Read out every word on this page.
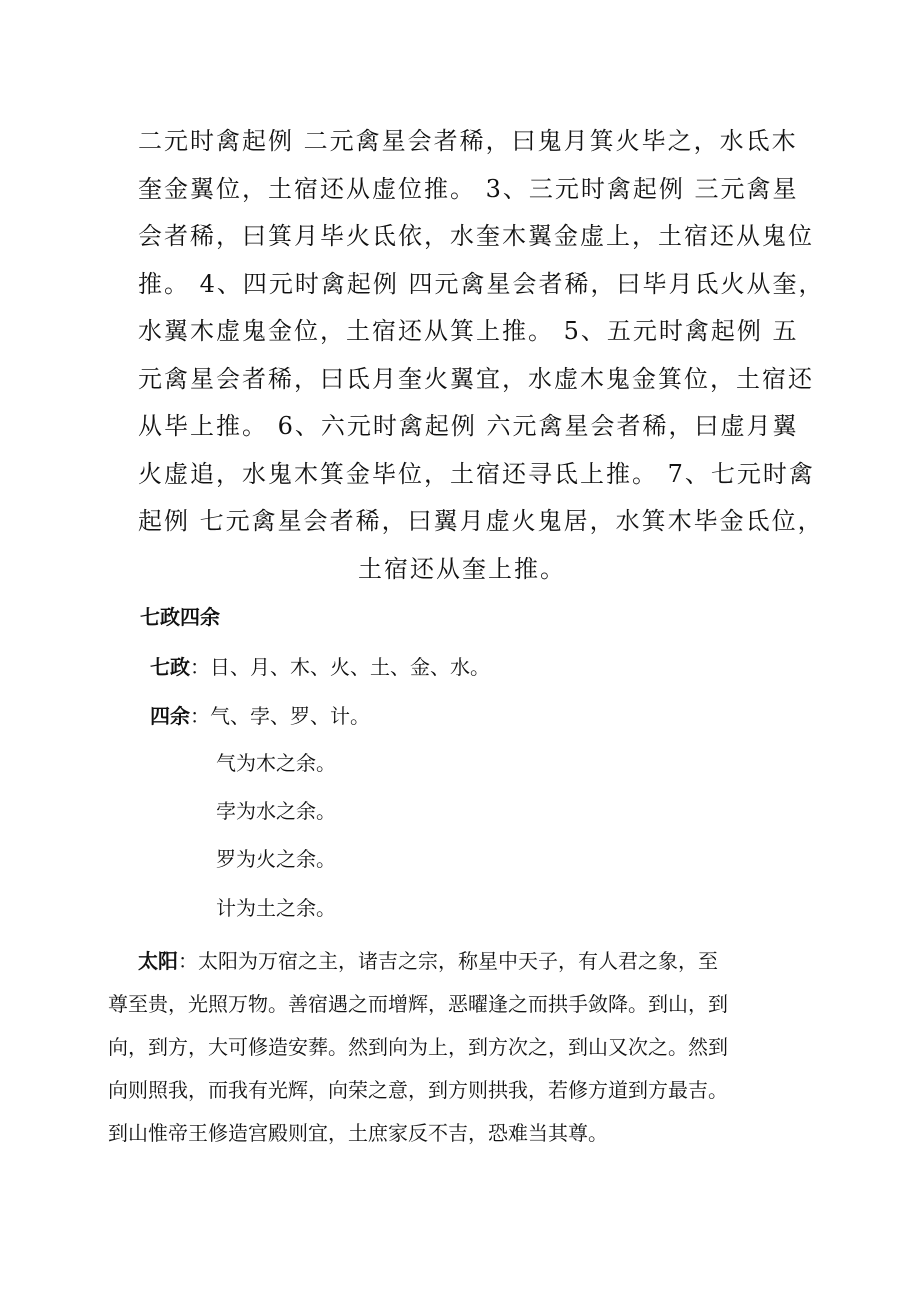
二元时禽起例 二元禽星会者稀，曰鬼月箕火毕之，水氐木
奎金翼位，土宿还从虚位推。 3、三元时禽起例 三元禽星
会者稀，曰箕月毕火氐依，水奎木翼金虚上，土宿还从鬼位
推。 4、四元时禽起例 四元禽星会者稀，曰毕月氐火从奎，
水翼木虚鬼金位，土宿还从箕上推。 5、五元时禽起例 五
元禽星会者稀，曰氐月奎火翼宜，水虚木鬼金箕位，土宿还
从毕上推。 6、六元时禽起例 六元禽星会者稀，曰虚月翼
火虚追，水鬼木箕金毕位，土宿还寻氐上推。 7、七元时禽
起例 七元禽星会者稀，曰翼月虚火鬼居，水箕木毕金氐位，
土宿还从奎上推。
七政四余
七政：日、月、木、火、土、金、水。
四余：气、孛、罗、计。
气为木之余。
孛为水之余。
罗为火之余。
计为土之余。
太阳：太阳为万宿之主，诸吉之宗，称星中天子，有人君之象，至
尊至贵，光照万物。善宿遇之而增辉，恶曜逢之而拱手敛降。到山，到
向，到方，大可修造安葬。然到向为上，到方次之，到山又次之。然到
向则照我，而我有光辉，向荣之意，到方则拱我，若修方道到方最吉。
到山惟帝王修造宫殿则宜，土庶家反不吉，恐难当其尊。
